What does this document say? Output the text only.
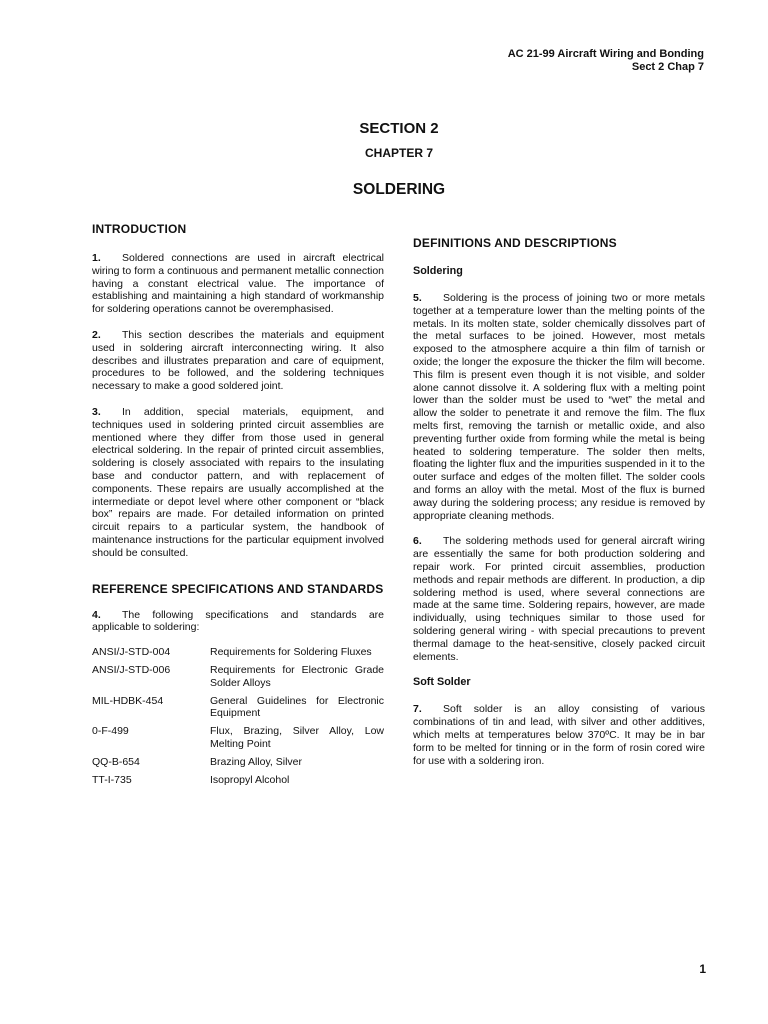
AC 21-99 Aircraft Wiring and Bonding
Sect 2 Chap 7
SECTION 2
CHAPTER 7
SOLDERING
INTRODUCTION

1. Soldered connections are used in aircraft electrical wiring to form a continuous and permanent metallic connection having a constant electrical value. The importance of establishing and maintaining a high standard of workmanship for soldering operations cannot be overemphasised.

2. This section describes the materials and equipment used in soldering aircraft interconnecting wiring. It also describes and illustrates preparation and care of equipment, procedures to be followed, and the soldering techniques necessary to make a good soldered joint.

3. In addition, special materials, equipment, and techniques used in soldering printed circuit assemblies are mentioned where they differ from those used in general electrical soldering. In the repair of printed circuit assemblies, soldering is closely associated with repairs to the insulating base and conductor pattern, and with replacement of components. These repairs are usually accomplished at the intermediate or depot level where other component or “black box” repairs are made. For detailed information on printed circuit repairs to a particular system, the handbook of maintenance instructions for the particular equipment involved should be consulted.

REFERENCE SPECIFICATIONS AND STANDARDS

4. The following specifications and standards are applicable to soldering:

ANSI/J-STD-004	Requirements for Soldering Fluxes
ANSI/J-STD-006	Requirements for Electronic Grade Solder Alloys
MIL-HDBK-454	General Guidelines for Electronic Equipment
0-F-499	Flux, Brazing, Silver Alloy, Low Melting Point
QQ-B-654	Brazing Alloy, Silver
TT-I-735	Isopropyl Alcohol
DEFINITIONS AND DESCRIPTIONS
Soldering

5. Soldering is the process of joining two or more metals together at a temperature lower than the melting points of the metals. In its molten state, solder chemically dissolves part of the metal surfaces to be joined. However, most metals exposed to the atmosphere acquire a thin film of tarnish or oxide; the longer the exposure the thicker the film will become. This film is present even though it is not visible, and solder alone cannot dissolve it. A soldering flux with a melting point lower than the solder must be used to “wet” the metal and allow the solder to penetrate it and remove the film. The flux melts first, removing the tarnish or metallic oxide, and also preventing further oxide from forming while the metal is being heated to soldering temperature. The solder then melts, floating the lighter flux and the impurities suspended in it to the outer surface and edges of the molten fillet. The solder cools and forms an alloy with the metal. Most of the flux is burned away during the soldering process; any residue is removed by appropriate cleaning methods.

6. The soldering methods used for general aircraft wiring are essentially the same for both production soldering and repair work. For printed circuit assemblies, production methods and repair methods are different. In production, a dip soldering method is used, where several connections are made at the same time. Soldering repairs, however, are made individually, using techniques similar to those used for soldering general wiring - with special precautions to prevent thermal damage to the heat-sensitive, closely packed circuit elements.

Soft Solder

7. Soft solder is an alloy consisting of various combinations of tin and lead, with silver and other additives, which melts at temperatures below 370ºC. It may be in bar form to be melted for tinning or in the form of rosin cored wire for use with a soldering iron.

1
